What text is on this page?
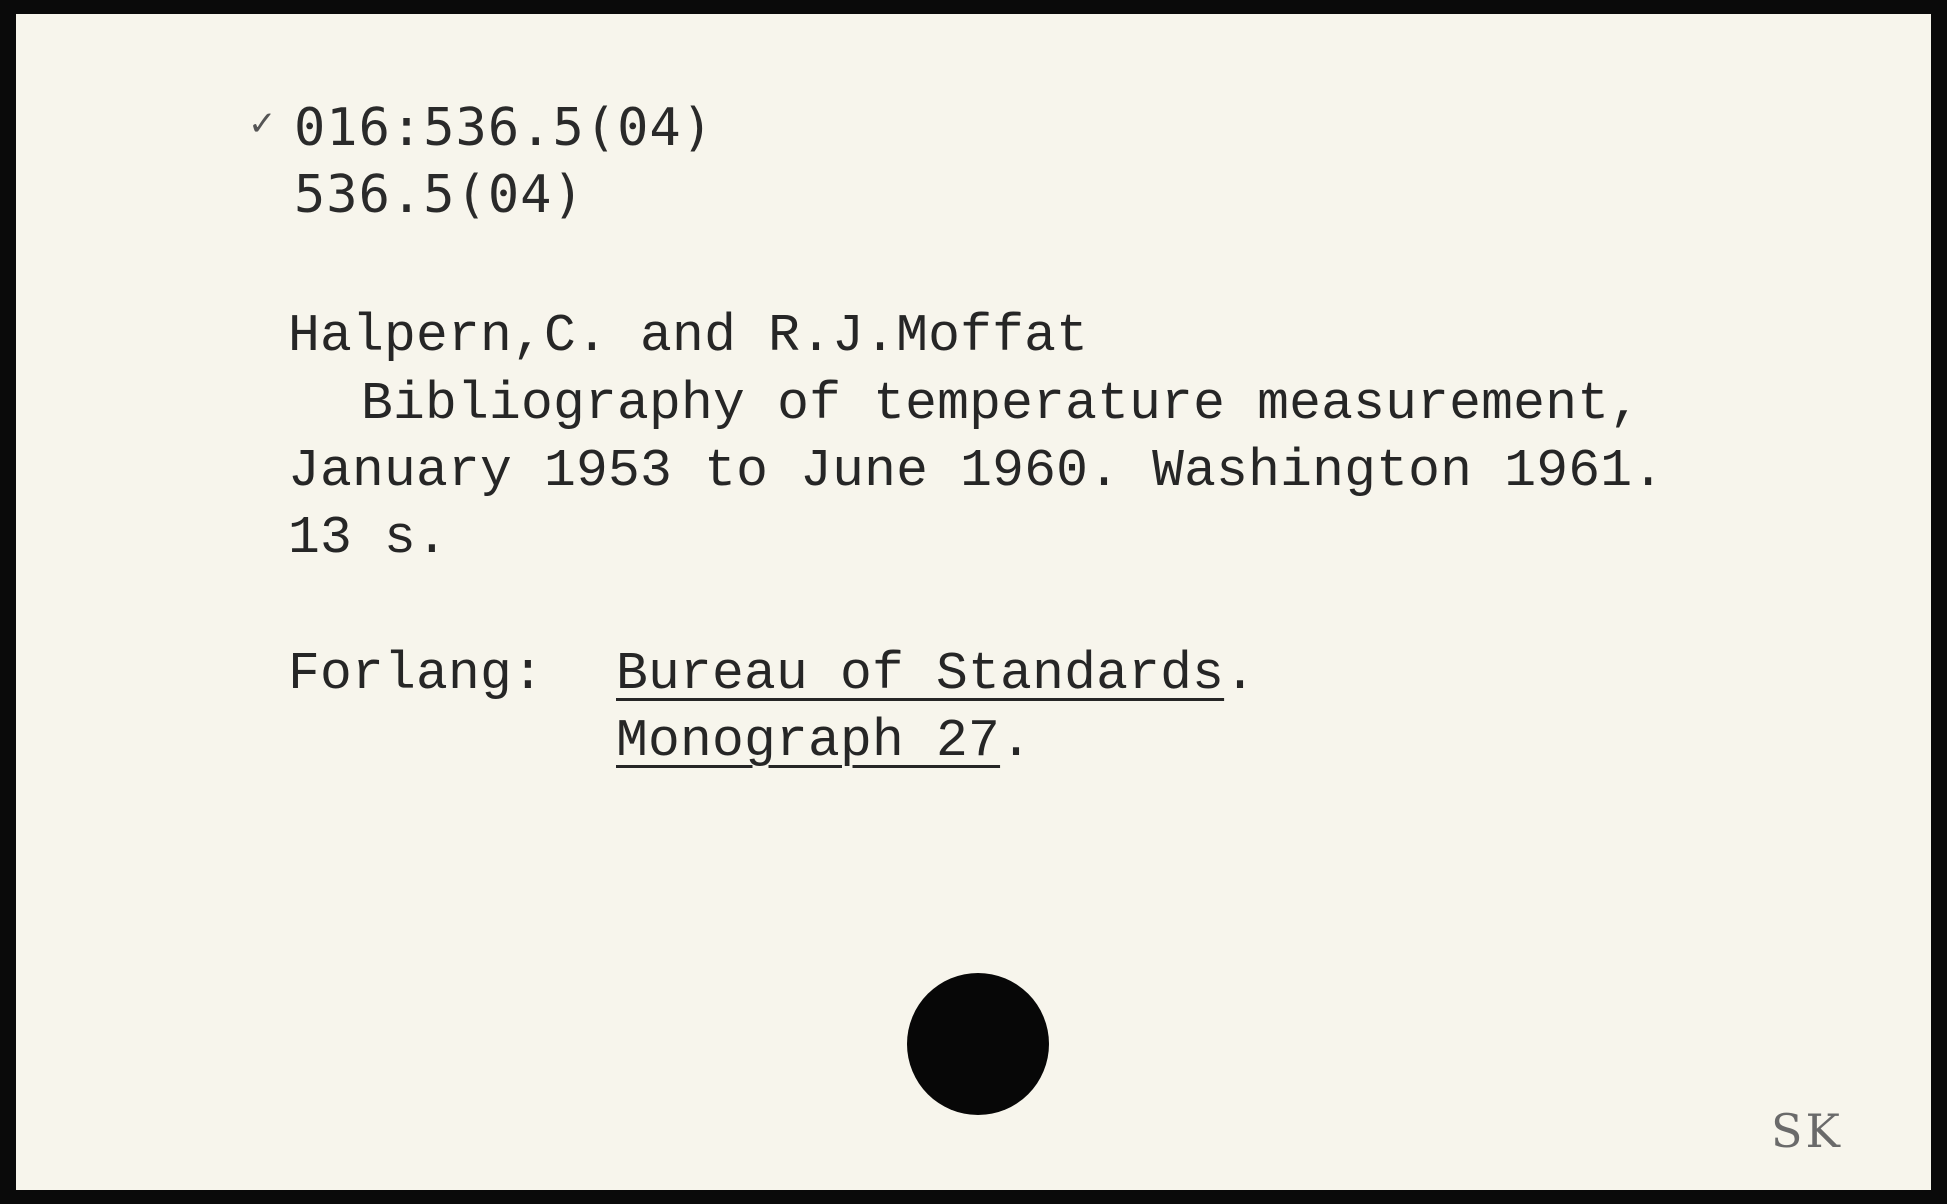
✓ 016:536.5(04)
536.5(04)
Halpern,C. and R.J.Moffat
Bibliography of temperature measurement,
January 1953 to June 1960. Washington 1961.
13 s.
Forlang: Bureau of Standards.
Monograph 27.
SK
